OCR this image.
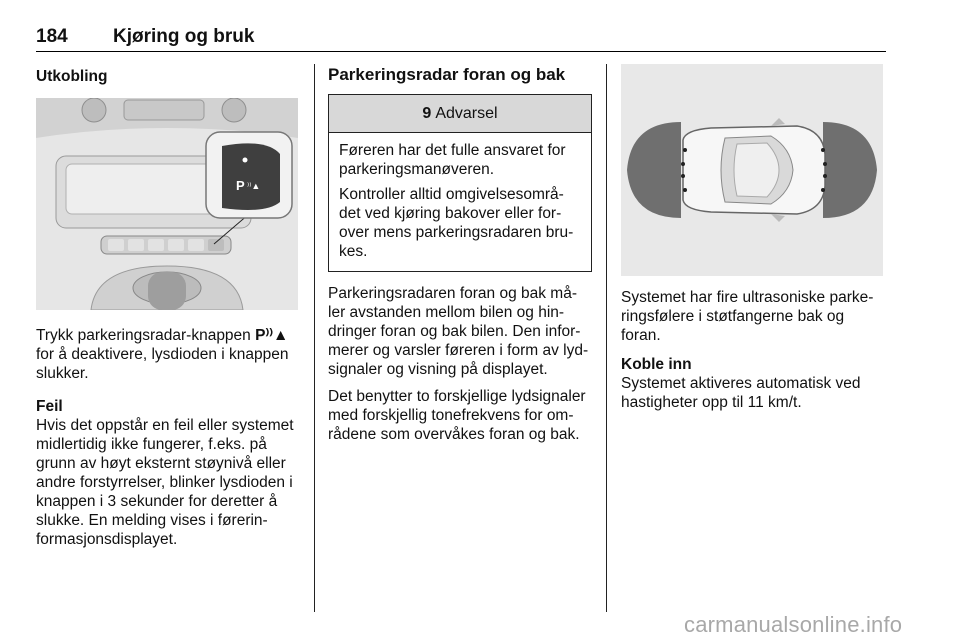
184 Kjøring og bruk
Utkobling
P ⁾⁾▲

Trykk parkeringsradar-knappen P⁾⁾▲ for å deaktivere, lysdioden i knappen slukker.

Feil
Hvis det oppstår en feil eller systemet midlertidig ikke fungerer, f.eks. på grunn av høyt eksternt støynivå eller andre forstyrrelser, blinker lysdioden i knappen i 3 sekunder for deretter å slukke. En melding vises i førerin-formasjonsdisplayet.

Parkeringsradar foran og bak
9 Advarsel

Føreren har det fulle ansvaret for parkeringsmanøveren.

Kontroller alltid omgivelsesområ-det ved kjøring bakover eller for-over mens parkeringsradaren bru-kes.

Parkeringsradaren foran og bak må-ler avstanden mellom bilen og hin-dringer foran og bak bilen. Den infor-merer og varsler føreren i form av lyd-signaler og visning på displayet.

Det benytter to forskjellige lydsignaler med forskjellig tonefrekvens for om-rådene som overvåkes foran og bak.

Systemet har fire ultrasoniske parke-ringsfølere i støtfangerne bak og foran.

Koble inn
Systemet aktiveres automatisk ved hastigheter opp til 11 km/t.

carmanualsonline.info
